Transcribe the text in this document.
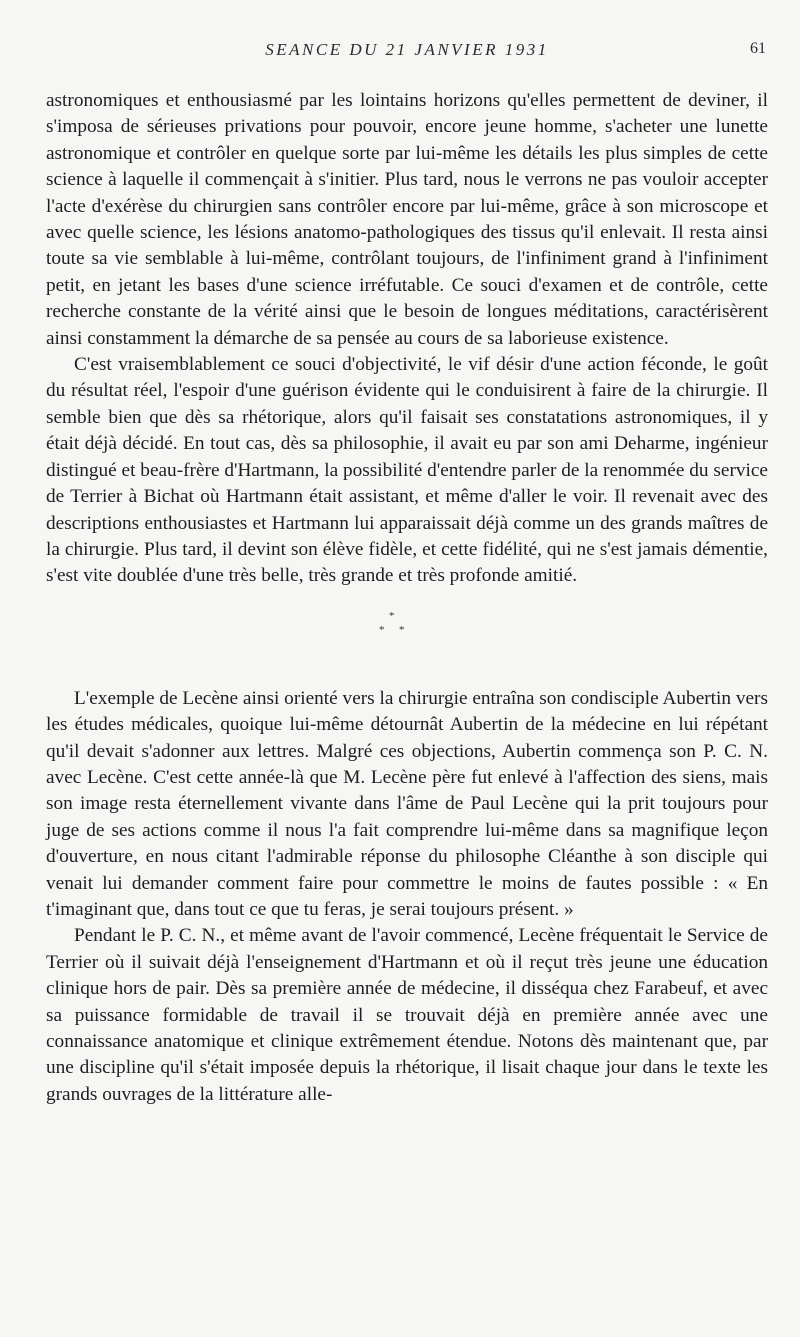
SEANCE DU 21 JANVIER 1931	61

astronomiques et enthousiasmé par les lointains horizons qu'elles permettent de deviner, il s'imposa de sérieuses privations pour pouvoir, encore jeune homme, s'acheter une lunette astronomique et contrôler en quelque sorte par lui-même les détails les plus simples de cette science à laquelle il commençait à s'initier. Plus tard, nous le verrons ne pas vouloir accepter l'acte d'exérèse du chirurgien sans contrôler encore par lui-même, grâce à son microscope et avec quelle science, les lésions anatomo-pathologiques des tissus qu'il enlevait. Il resta ainsi toute sa vie semblable à lui-même, contrôlant toujours, de l'infiniment grand à l'infiniment petit, en jetant les bases d'une science irréfutable. Ce souci d'examen et de contrôle, cette recherche constante de la vérité ainsi que le besoin de longues méditations, caractérisèrent ainsi constamment la démarche de sa pensée au cours de sa laborieuse existence.

C'est vraisemblablement ce souci d'objectivité, le vif désir d'une action féconde, le goût du résultat réel, l'espoir d'une guérison évidente qui le conduisirent à faire de la chirurgie. Il semble bien que dès sa rhétorique, alors qu'il faisait ses constatations astronomiques, il y était déjà décidé. En tout cas, dès sa philosophie, il avait eu par son ami Deharme, ingénieur distingué et beau-frère d'Hartmann, la possibilité d'entendre parler de la renommée du service de Terrier à Bichat où Hartmann était assistant, et même d'aller le voir. Il revenait avec des descriptions enthousiastes et Hartmann lui apparaissait déjà comme un des grands maîtres de la chirurgie. Plus tard, il devint son élève fidèle, et cette fidélité, qui ne s'est jamais démentie, s'est vite doublée d'une très belle, très grande et très profonde amitié.

*
* *

L'exemple de Lecène ainsi orienté vers la chirurgie entraîna son condisciple Aubertin vers les études médicales, quoique lui-même détournât Aubertin de la médecine en lui répétant qu'il devait s'adonner aux lettres. Malgré ces objections, Aubertin commença son P. C. N. avec Lecène. C'est cette année-là que M. Lecène père fut enlevé à l'affection des siens, mais son image resta éternellement vivante dans l'âme de Paul Lecène qui la prit toujours pour juge de ses actions comme il nous l'a fait comprendre lui-même dans sa magnifique leçon d'ouverture, en nous citant l'admirable réponse du philosophe Cléanthe à son disciple qui venait lui demander comment faire pour commettre le moins de fautes possible : « En t'imaginant que, dans tout ce que tu feras, je serai toujours présent. »

Pendant le P. C. N., et même avant de l'avoir commencé, Lecène fréquentait le Service de Terrier où il suivait déjà l'enseignement d'Hartmann et où il reçut très jeune une éducation clinique hors de pair. Dès sa première année de médecine, il disséqua chez Farabeuf, et avec sa puissance formidable de travail il se trouvait déjà en première année avec une connaissance anatomique et clinique extrêmement étendue. Notons dès maintenant que, par une discipline qu'il s'était imposée depuis la rhétorique, il lisait chaque jour dans le texte les grands ouvrages de la littérature alle-
